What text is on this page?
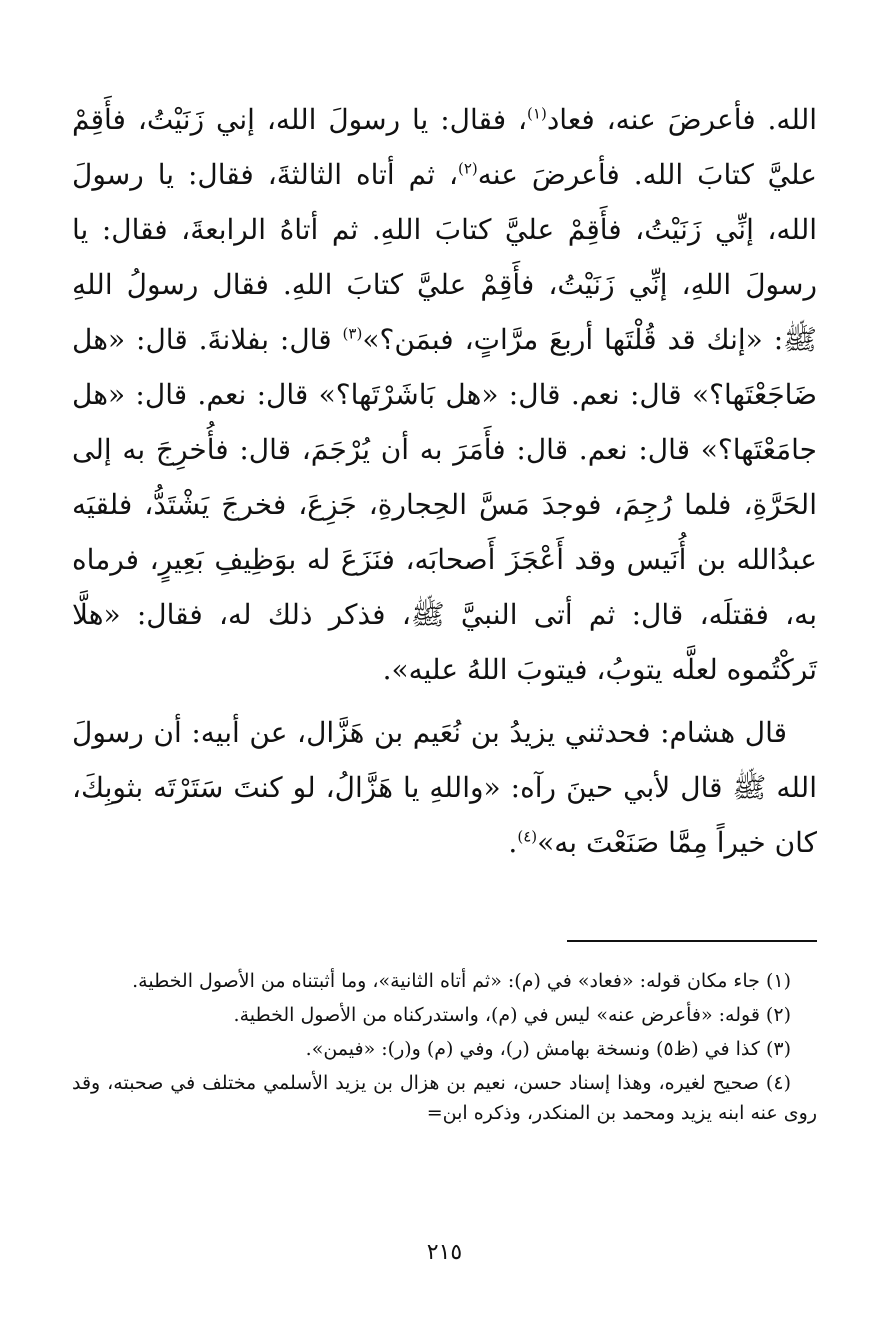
الله. فأعرضَ عنه، فعاد$^{(١)}$، فقال: يا رسولَ الله، إني زَنَيْتُ، فأَقِمْ عليَّ كتابَ الله. فأعرضَ عنه$^{(٢)}$، ثم أتاه الثالثةَ، فقال: يا رسولَ الله، إنِّي زَنَيْتُ، فأَقِمْ عليَّ كتابَ اللهِ. ثم أتاهُ الرابعةَ، فقال: يا رسولَ اللهِ، إنِّي زَنَيْتُ، فأَقِمْ عليَّ كتابَ اللهِ. فقال رسولُ اللهِ ﷺ: «إنك قد قُلْتَها أربعَ مرَّاتٍ، فبمَن؟»$^{(٣)}$ قال: بفلانةَ. قال: «هل ضَاجَعْتَها؟» قال: نعم. قال: «هل بَاشَرْتَها؟» قال: نعم. قال: «هل جامَعْتَها؟» قال: نعم. قال: فأَمَرَ به أن يُرْجَمَ، قال: فأُخرِجَ به إلى الحَرَّةِ، فلما رُجِمَ، فوجدَ مَسَّ الحِجارةِ، جَزِعَ، فخرجَ يَشْتَدُّ، فلقيَه عبدُالله بن أُنَيس وقد أَعْجَزَ أَصحابَه، فنَزَعَ له بوَظِيفِ بَعِيرٍ، فرماه به، فقتلَه، قال: ثم أتى النبيَّ ﷺ، فذكر ذلك له، فقال: «هلَّا تَركْتُموه لعلَّه يتوبُ، فيتوبَ اللهُ عليه».

قال هشام: فحدثني يزيدُ بن نُعَيم بن هَزَّال، عن أبيه: أن رسولَ الله ﷺ قال لأبي حينَ رآه: «واللهِ يا هَزَّالُ، لو كنتَ سَتَرْتَه بثوبِكَ، كان خيراً مِمَّا صَنَعْتَ به»$^{(٤)}$.

(١) جاء مكان قوله: «فعاد» في (م): «ثم أتاه الثانية»، وما أثبتناه من الأصول الخطية.

(٢) قوله: «فأعرض عنه» ليس في (م)، واستدركناه من الأصول الخطية.

(٣) كذا في (ظ٥) ونسخة بهامش (ر)، وفي (م) و(ر): «فيمن».

(٤) صحيح لغيره، وهذا إسناد حسن، نعيم بن هزال بن يزيد الأسلمي مختلف في صحبته، وقد روى عنه ابنه يزيد ومحمد بن المنكدر، وذكره ابن=

٢١٥
